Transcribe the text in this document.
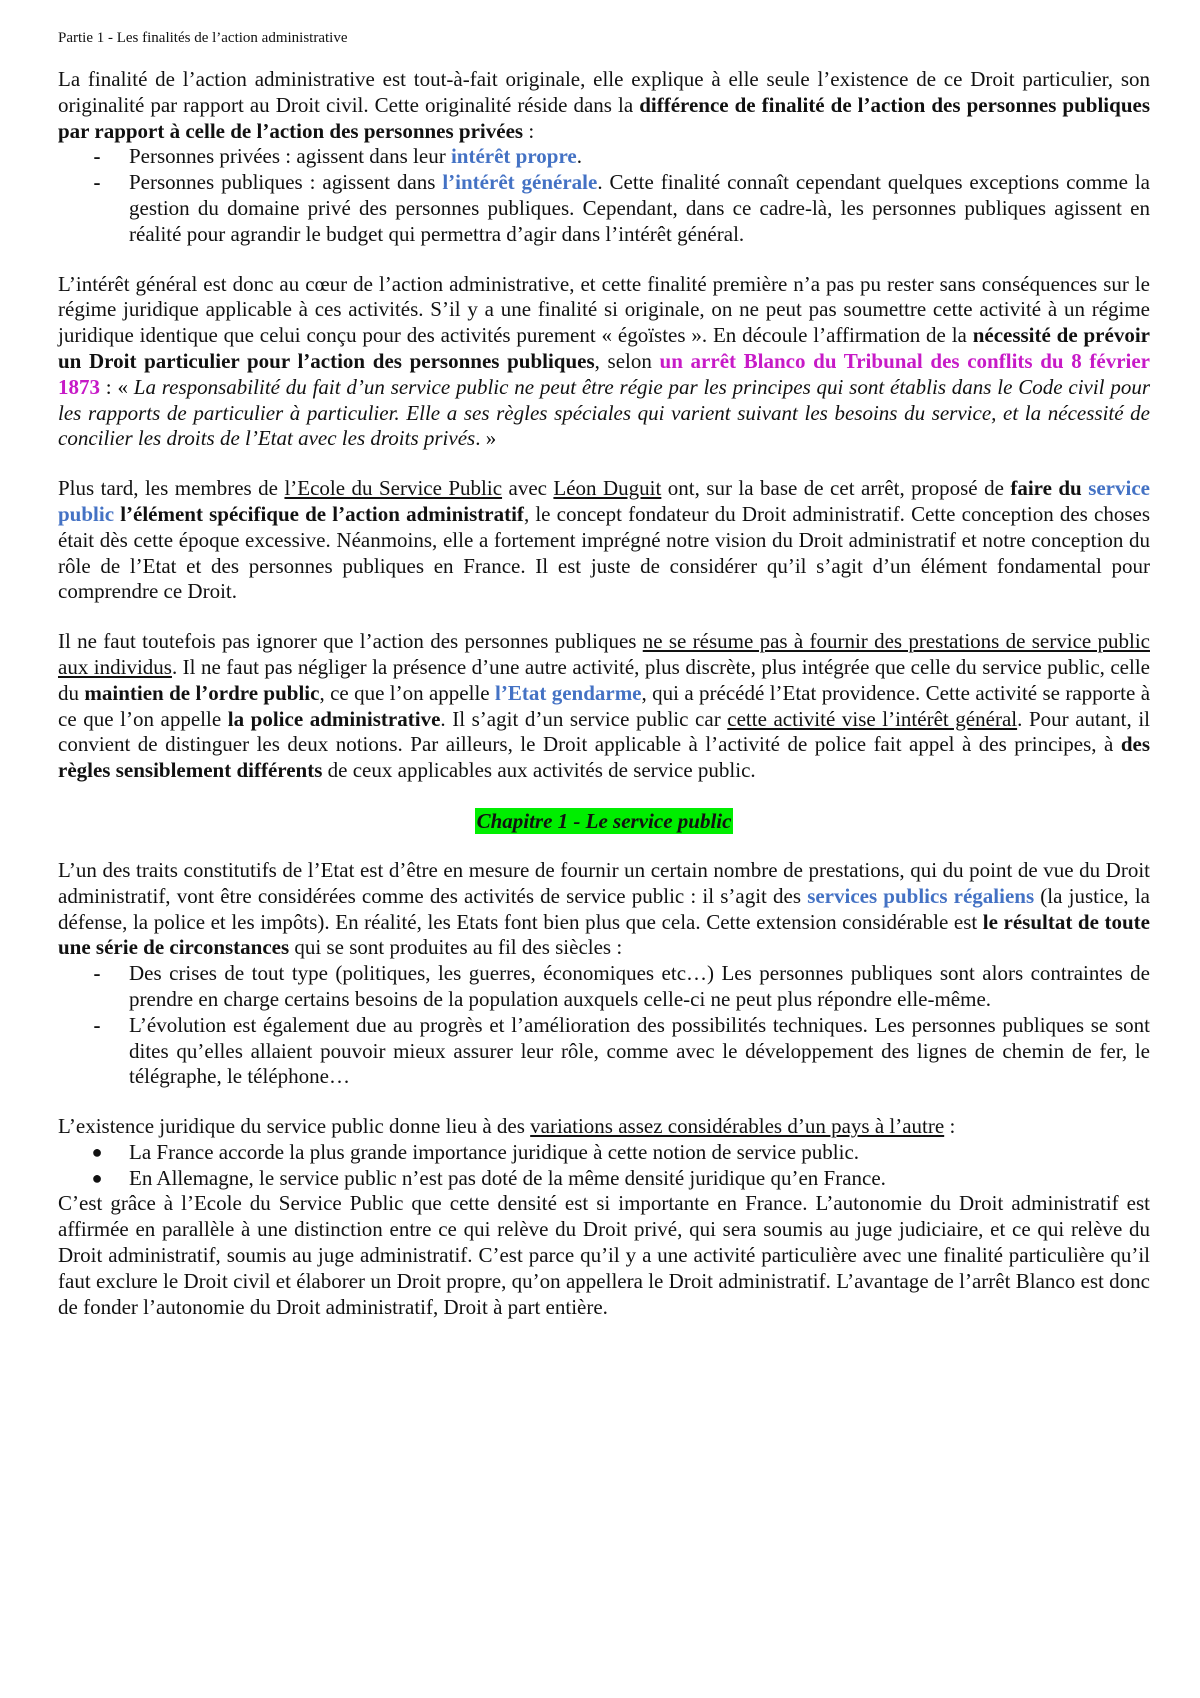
Partie 1 - Les finalités de l’action administrative

La finalité de l’action administrative est tout-à-fait originale, elle explique à elle seule l’existence de ce Droit particulier, son originalité par rapport au Droit civil. Cette originalité réside dans la différence de finalité de l’action des personnes publiques par rapport à celle de l’action des personnes privées :

-	Personnes privées : agissent dans leur intérêt propre.
-	Personnes publiques : agissent dans l’intérêt générale. Cette finalité connaît cependant quelques exceptions comme la gestion du domaine privé des personnes publiques. Cependant, dans ce cadre-là, les personnes publiques agissent en réalité pour agrandir le budget qui permettra d’agir dans l’intérêt général.

L’intérêt général est donc au cœur de l’action administrative, et cette finalité première n’a pas pu rester sans conséquences sur le régime juridique applicable à ces activités. S’il y a une finalité si originale, on ne peut pas soumettre cette activité à un régime juridique identique que celui conçu pour des activités purement « égoïstes ». En découle l’affirmation de la nécessité de prévoir un Droit particulier pour l’action des personnes publiques, selon un arrêt Blanco du Tribunal des conflits du 8 février 1873 : « La responsabilité du fait d’un service public ne peut être régie par les principes qui sont établis dans le Code civil pour les rapports de particulier à particulier. Elle a ses règles spéciales qui varient suivant les besoins du service, et la nécessité de concilier les droits de l’Etat avec les droits privés. »

Plus tard, les membres de l’Ecole du Service Public avec Léon Duguit ont, sur la base de cet arrêt, proposé de faire du service public l’élément spécifique de l’action administratif, le concept fondateur du Droit administratif. Cette conception des choses était dès cette époque excessive. Néanmoins, elle a fortement imprégné notre vision du Droit administratif et notre conception du rôle de l’Etat et des personnes publiques en France. Il est juste de considérer qu’il s’agit d’un élément fondamental pour comprendre ce Droit.

Il ne faut toutefois pas ignorer que l’action des personnes publiques ne se résume pas à fournir des prestations de service public aux individus. Il ne faut pas négliger la présence d’une autre activité, plus discrète, plus intégrée que celle du service public, celle du maintien de l’ordre public, ce que l’on appelle l’Etat gendarme, qui a précédé l’Etat providence. Cette activité se rapporte à ce que l’on appelle la police administrative. Il s’agit d’un service public car cette activité vise l’intérêt général. Pour autant, il convient de distinguer les deux notions. Par ailleurs, le Droit applicable à l’activité de police fait appel à des principes, à des règles sensiblement différents de ceux applicables aux activités de service public.

Chapitre 1 - Le service public

L’un des traits constitutifs de l’Etat est d’être en mesure de fournir un certain nombre de prestations, qui du point de vue du Droit administratif, vont être considérées comme des activités de service public : il s’agit des services publics régaliens (la justice, la défense, la police et les impôts). En réalité, les Etats font bien plus que cela. Cette extension considérable est le résultat de toute une série de circonstances qui se sont produites au fil des siècles :

-	Des crises de tout type (politiques, les guerres, économiques etc…) Les personnes publiques sont alors contraintes de prendre en charge certains besoins de la population auxquels celle-ci ne peut plus répondre elle-même.
-	L’évolution est également due au progrès et l’amélioration des possibilités techniques. Les personnes publiques se sont dites qu’elles allaient pouvoir mieux assurer leur rôle, comme avec le développement des lignes de chemin de fer, le télégraphe, le téléphone…

L’existence juridique du service public donne lieu à des variations assez considérables d’un pays à l’autre :

● La France accorde la plus grande importance juridique à cette notion de service public.
● En Allemagne, le service public n’est pas doté de la même densité juridique qu’en France.

C’est grâce à l’Ecole du Service Public que cette densité est si importante en France. L’autonomie du Droit administratif est affirmée en parallèle à une distinction entre ce qui relève du Droit privé, qui sera soumis au juge judiciaire, et ce qui relève du Droit administratif, soumis au juge administratif. C’est parce qu’il y a une activité particulière avec une finalité particulière qu’il faut exclure le Droit civil et élaborer un Droit propre, qu’on appellera le Droit administratif. L’avantage de l’arrêt Blanco est donc de fonder l’autonomie du Droit administratif, Droit à part entière.
